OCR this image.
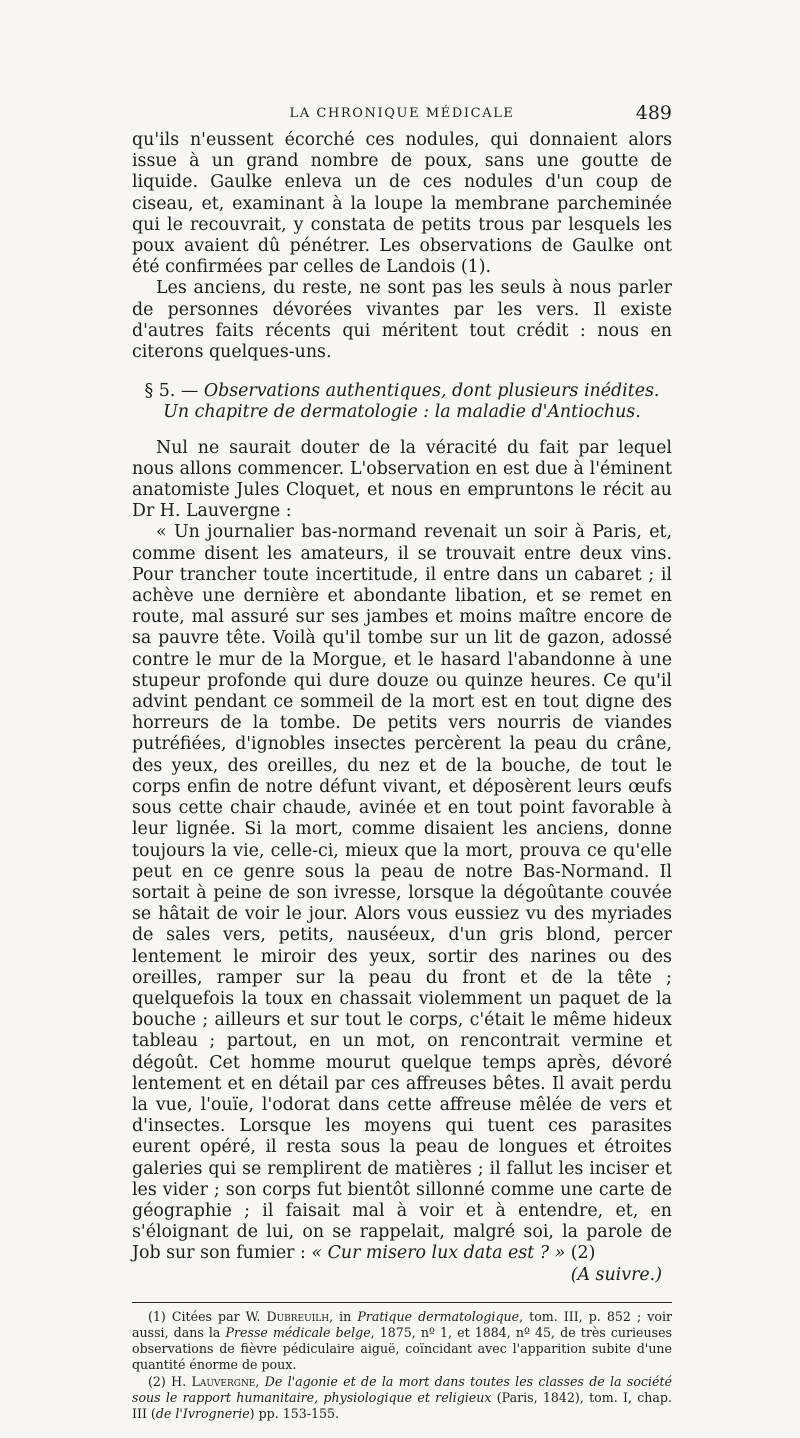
LA CHRONIQUE MÉDICALE	489

qu'ils n'eussent écorché ces nodules, qui donnaient alors issue à un grand nombre de poux, sans une goutte de liquide. Gaulke enleva un de ces nodules d'un coup de ciseau, et, examinant à la loupe la membrane parcheminée qui le recouvrait, y constata de petits trous par lesquels les poux avaient dû pénétrer. Les observations de Gaulke ont été confirmées par celles de Landois (1).

Les anciens, du reste, ne sont pas les seuls à nous parler de personnes dévorées vivantes par les vers. Il existe d'autres faits récents qui méritent tout crédit : nous en citerons quelques-uns.

§ 5. — Observations authentiques, dont plusieurs inédites. Un chapitre de dermatologie : la maladie d'Antiochus.

Nul ne saurait douter de la véracité du fait par lequel nous allons commencer. L'observation en est due à l'éminent anatomiste Jules Cloquet, et nous en empruntons le récit au Dr H. Lauvergne :

« Un journalier bas-normand revenait un soir à Paris, et, comme disent les amateurs, il se trouvait entre deux vins. Pour trancher toute incertitude, il entre dans un cabaret ; il achève une dernière et abondante libation, et se remet en route, mal assuré sur ses jambes et moins maître encore de sa pauvre tête. Voilà qu'il tombe sur un lit de gazon, adossé contre le mur de la Morgue, et le hasard l'abandonne à une stupeur profonde qui dure douze ou quinze heures. Ce qu'il advint pendant ce sommeil de la mort est en tout digne des horreurs de la tombe. De petits vers nourris de viandes putréfiées, d'ignobles insectes percèrent la peau du crâne, des yeux, des oreilles, du nez et de la bouche, de tout le corps enfin de notre défunt vivant, et déposèrent leurs œufs sous cette chair chaude, avinée et en tout point favorable à leur lignée. Si la mort, comme disaient les anciens, donne toujours la vie, celle-ci, mieux que la mort, prouva ce qu'elle peut en ce genre sous la peau de notre Bas-Normand. Il sortait à peine de son ivresse, lorsque la dégoûtante couvée se hâtait de voir le jour. Alors vous eussiez vu des myriades de sales vers, petits, nauséeux, d'un gris blond, percer lentement le miroir des yeux, sortir des narines ou des oreilles, ramper sur la peau du front et de la tête ; quelquefois la toux en chassait violemment un paquet de la bouche ; ailleurs et sur tout le corps, c'était le même hideux tableau ; partout, en un mot, on rencontrait vermine et dégoût. Cet homme mourut quelque temps après, dévoré lentement et en détail par ces affreuses bêtes. Il avait perdu la vue, l'ouïe, l'odorat dans cette affreuse mêlée de vers et d'insectes. Lorsque les moyens qui tuent ces parasites eurent opéré, il resta sous la peau de longues et étroites galeries qui se remplirent de matières ; il fallut les inciser et les vider ; son corps fut bientôt sillonné comme une carte de géographie ; il faisait mal à voir et à entendre, et, en s'éloignant de lui, on se rappelait, malgré soi, la parole de Job sur son fumier : « Cur misero lux data est ? » (2)

(A suivre.)

(1) Citées par W. Dubreuilh, in Pratique dermatologique, tom. III, p. 852 ; voir aussi, dans la Presse médicale belge, 1875, nº 1, et 1884, nº 45, de très curieuses observations de fièvre pédiculaire aiguë, coïncidant avec l'apparition subite d'une quantité énorme de poux.

(2) H. Lauvergne, De l'agonie et de la mort dans toutes les classes de la société sous le rapport humanitaire, physiologique et religieux (Paris, 1842), tom. I, chap. III (de l'Ivrognerie) pp. 153-155.
